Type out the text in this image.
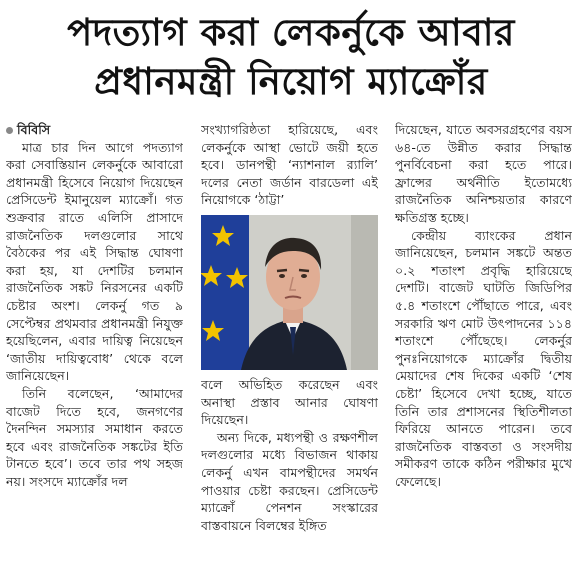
পদত্যাগ করা লেকর্নুকে আবার
প্রধানমন্ত্রী নিয়োগ ম্যাক্রোঁর

বিবিসি

মাত্র চার দিন আগে পদত্যাগ করা সেবাস্তিয়ান লেকর্নুকে আবারো প্রধানমন্ত্রী হিসেবে নিয়োগ দিয়েছেন প্রেসিডেন্ট ইমানুয়েল ম্যাক্রোঁ। গত শুক্রবার রাতে এলিসি প্রাসাদে রাজনৈতিক দলগুলোর সাথে বৈঠকের পর এই সিদ্ধান্ত ঘোষণা করা হয়, যা দেশটির চলমান রাজনৈতিক সঙ্কট নিরসনের একটি চেষ্টার অংশ। লেকর্নু গত ৯ সেপ্টেম্বর প্রথমবার প্রধানমন্ত্রী নিযুক্ত হয়েছিলেন, এবার দায়িত্ব নিয়েছেন ‘জাতীয় দায়িত্ববোধ’ থেকে বলে জানিয়েছেন।

তিনি বলেছেন, ‘আমাদের বাজেট দিতে হবে, জনগণের দৈনন্দিন সমস্যার সমাধান করতে হবে এবং রাজনৈতিক সঙ্কটের ইতি টানতে হবে’। তবে তার পথ সহজ নয়। সংসদে ম্যাক্রোঁর দল

সংখ্যাগরিষ্ঠতা হারিয়েছে, এবং লেকর্নুকে আস্থা ভোটে জয়ী হতে হবে। ডানপন্থী ‘ন্যাশনাল র‍্যালি’ দলের নেতা জর্ডান বারডেলা এই নিয়োগকে ‘ঠাট্টা’

বলে অভিহিত করেছেন এবং অনাস্থা প্রস্তাব আনার ঘোষণা দিয়েছেন।

অন্য দিকে, মধ্যপন্থী ও রক্ষণশীল দলগুলোর মধ্যে বিভাজন থাকায় লেকর্নু এখন বামপন্থীদের সমর্থন পাওয়ার চেষ্টা করছেন। প্রেসিডেন্ট ম্যাক্রোঁ পেনশন সংস্কারের বাস্তবায়নে বিলম্বের ইঙ্গিত

দিয়েছেন, যাতে অবসরগ্রহণের বয়স ৬৪-তে উন্নীত করার সিদ্ধান্ত পুনর্বিবেচনা করা হতে পারে। ফ্রান্সের অর্থনীতি ইতোমধ্যে রাজনৈতিক অনিশ্চয়তার কারণে ক্ষতিগ্রস্ত হচ্ছে।

কেন্দ্রীয় ব্যাংকের প্রধান জানিয়েছেন, চলমান সঙ্কটে অন্তত ০.২ শতাংশ প্রবৃদ্ধি হারিয়েছে দেশটি। বাজেট ঘাটতি জিডিপির ৫.৪ শতাংশে পৌঁছাতে পারে, এবং সরকারি ঋণ মোট উৎপাদনের ১১৪ শতাংশে পৌঁছেছে। লেকর্নুর পুনঃনিয়োগকে ম্যাক্রোঁর দ্বিতীয় মেয়াদের শেষ দিকের একটি ‘শেষ চেষ্টা’ হিসেবে দেখা হচ্ছে, যাতে তিনি তার প্রশাসনের স্থিতিশীলতা ফিরিয়ে আনতে পারেন। তবে রাজনৈতিক বাস্তবতা ও সংসদীয় সমীকরণ তাকে কঠিন পরীক্ষার মুখে ফেলেছে।
